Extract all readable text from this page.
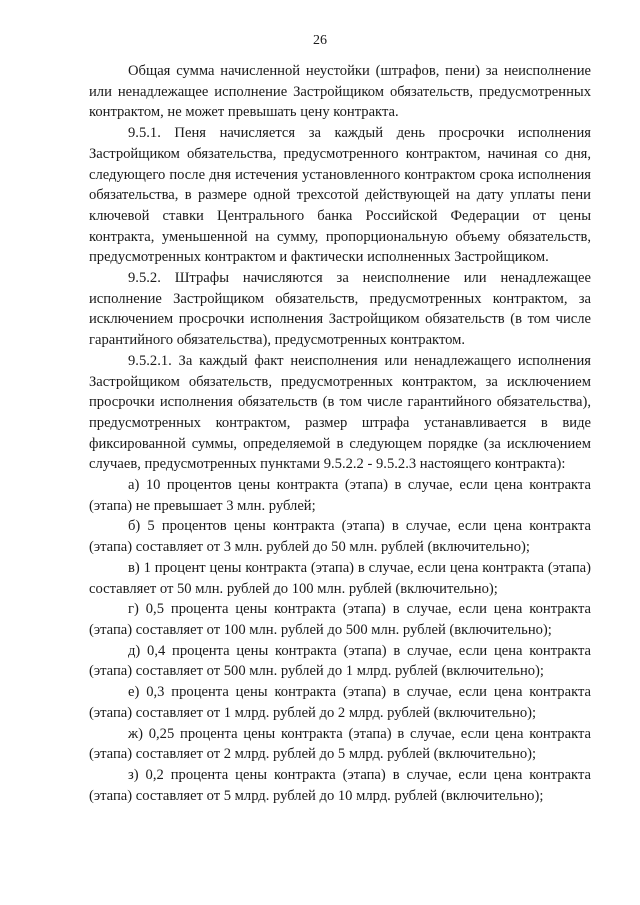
26

Общая сумма начисленной неустойки (штрафов, пени) за неисполнение или ненадлежащее исполнение Застройщиком обязательств, предусмотренных контрактом, не может превышать цену контракта.

9.5.1. Пеня начисляется за каждый день просрочки исполнения Застройщиком обязательства, предусмотренного контрактом, начиная со дня, следующего после дня истечения установленного контрактом срока исполнения обязательства, в размере одной трехсотой действующей на дату уплаты пени ключевой ставки Центрального банка Российской Федерации от цены контракта, уменьшенной на сумму, пропорциональную объему обязательств, предусмотренных контрактом и фактически исполненных Застройщиком.

9.5.2. Штрафы начисляются за неисполнение или ненадлежащее исполнение Застройщиком обязательств, предусмотренных контрактом, за исключением просрочки исполнения Застройщиком обязательств (в том числе гарантийного обязательства), предусмотренных контрактом.

9.5.2.1. За каждый факт неисполнения или ненадлежащего исполнения Застройщиком обязательств, предусмотренных контрактом, за исключением просрочки исполнения обязательств (в том числе гарантийного обязательства), предусмотренных контрактом, размер штрафа устанавливается в виде фиксированной суммы, определяемой в следующем порядке (за исключением случаев, предусмотренных пунктами 9.5.2.2 - 9.5.2.3 настоящего контракта):

а) 10 процентов цены контракта (этапа) в случае, если цена контракта (этапа) не превышает 3 млн. рублей;

б) 5 процентов цены контракта (этапа) в случае, если цена контракта (этапа) составляет от 3 млн. рублей до 50 млн. рублей (включительно);

в) 1 процент цены контракта (этапа) в случае, если цена контракта (этапа) составляет от 50 млн. рублей до 100 млн. рублей (включительно);

г) 0,5 процента цены контракта (этапа) в случае, если цена контракта (этапа) составляет от 100 млн. рублей до 500 млн. рублей (включительно);

д) 0,4 процента цены контракта (этапа) в случае, если цена контракта (этапа) составляет от 500 млн. рублей до 1 млрд. рублей (включительно);

е) 0,3 процента цены контракта (этапа) в случае, если цена контракта (этапа) составляет от 1 млрд. рублей до 2 млрд. рублей (включительно);

ж) 0,25 процента цены контракта (этапа) в случае, если цена контракта (этапа) составляет от 2 млрд. рублей до 5 млрд. рублей (включительно);

з) 0,2 процента цены контракта (этапа) в случае, если цена контракта (этапа) составляет от 5 млрд. рублей до 10 млрд. рублей (включительно);
